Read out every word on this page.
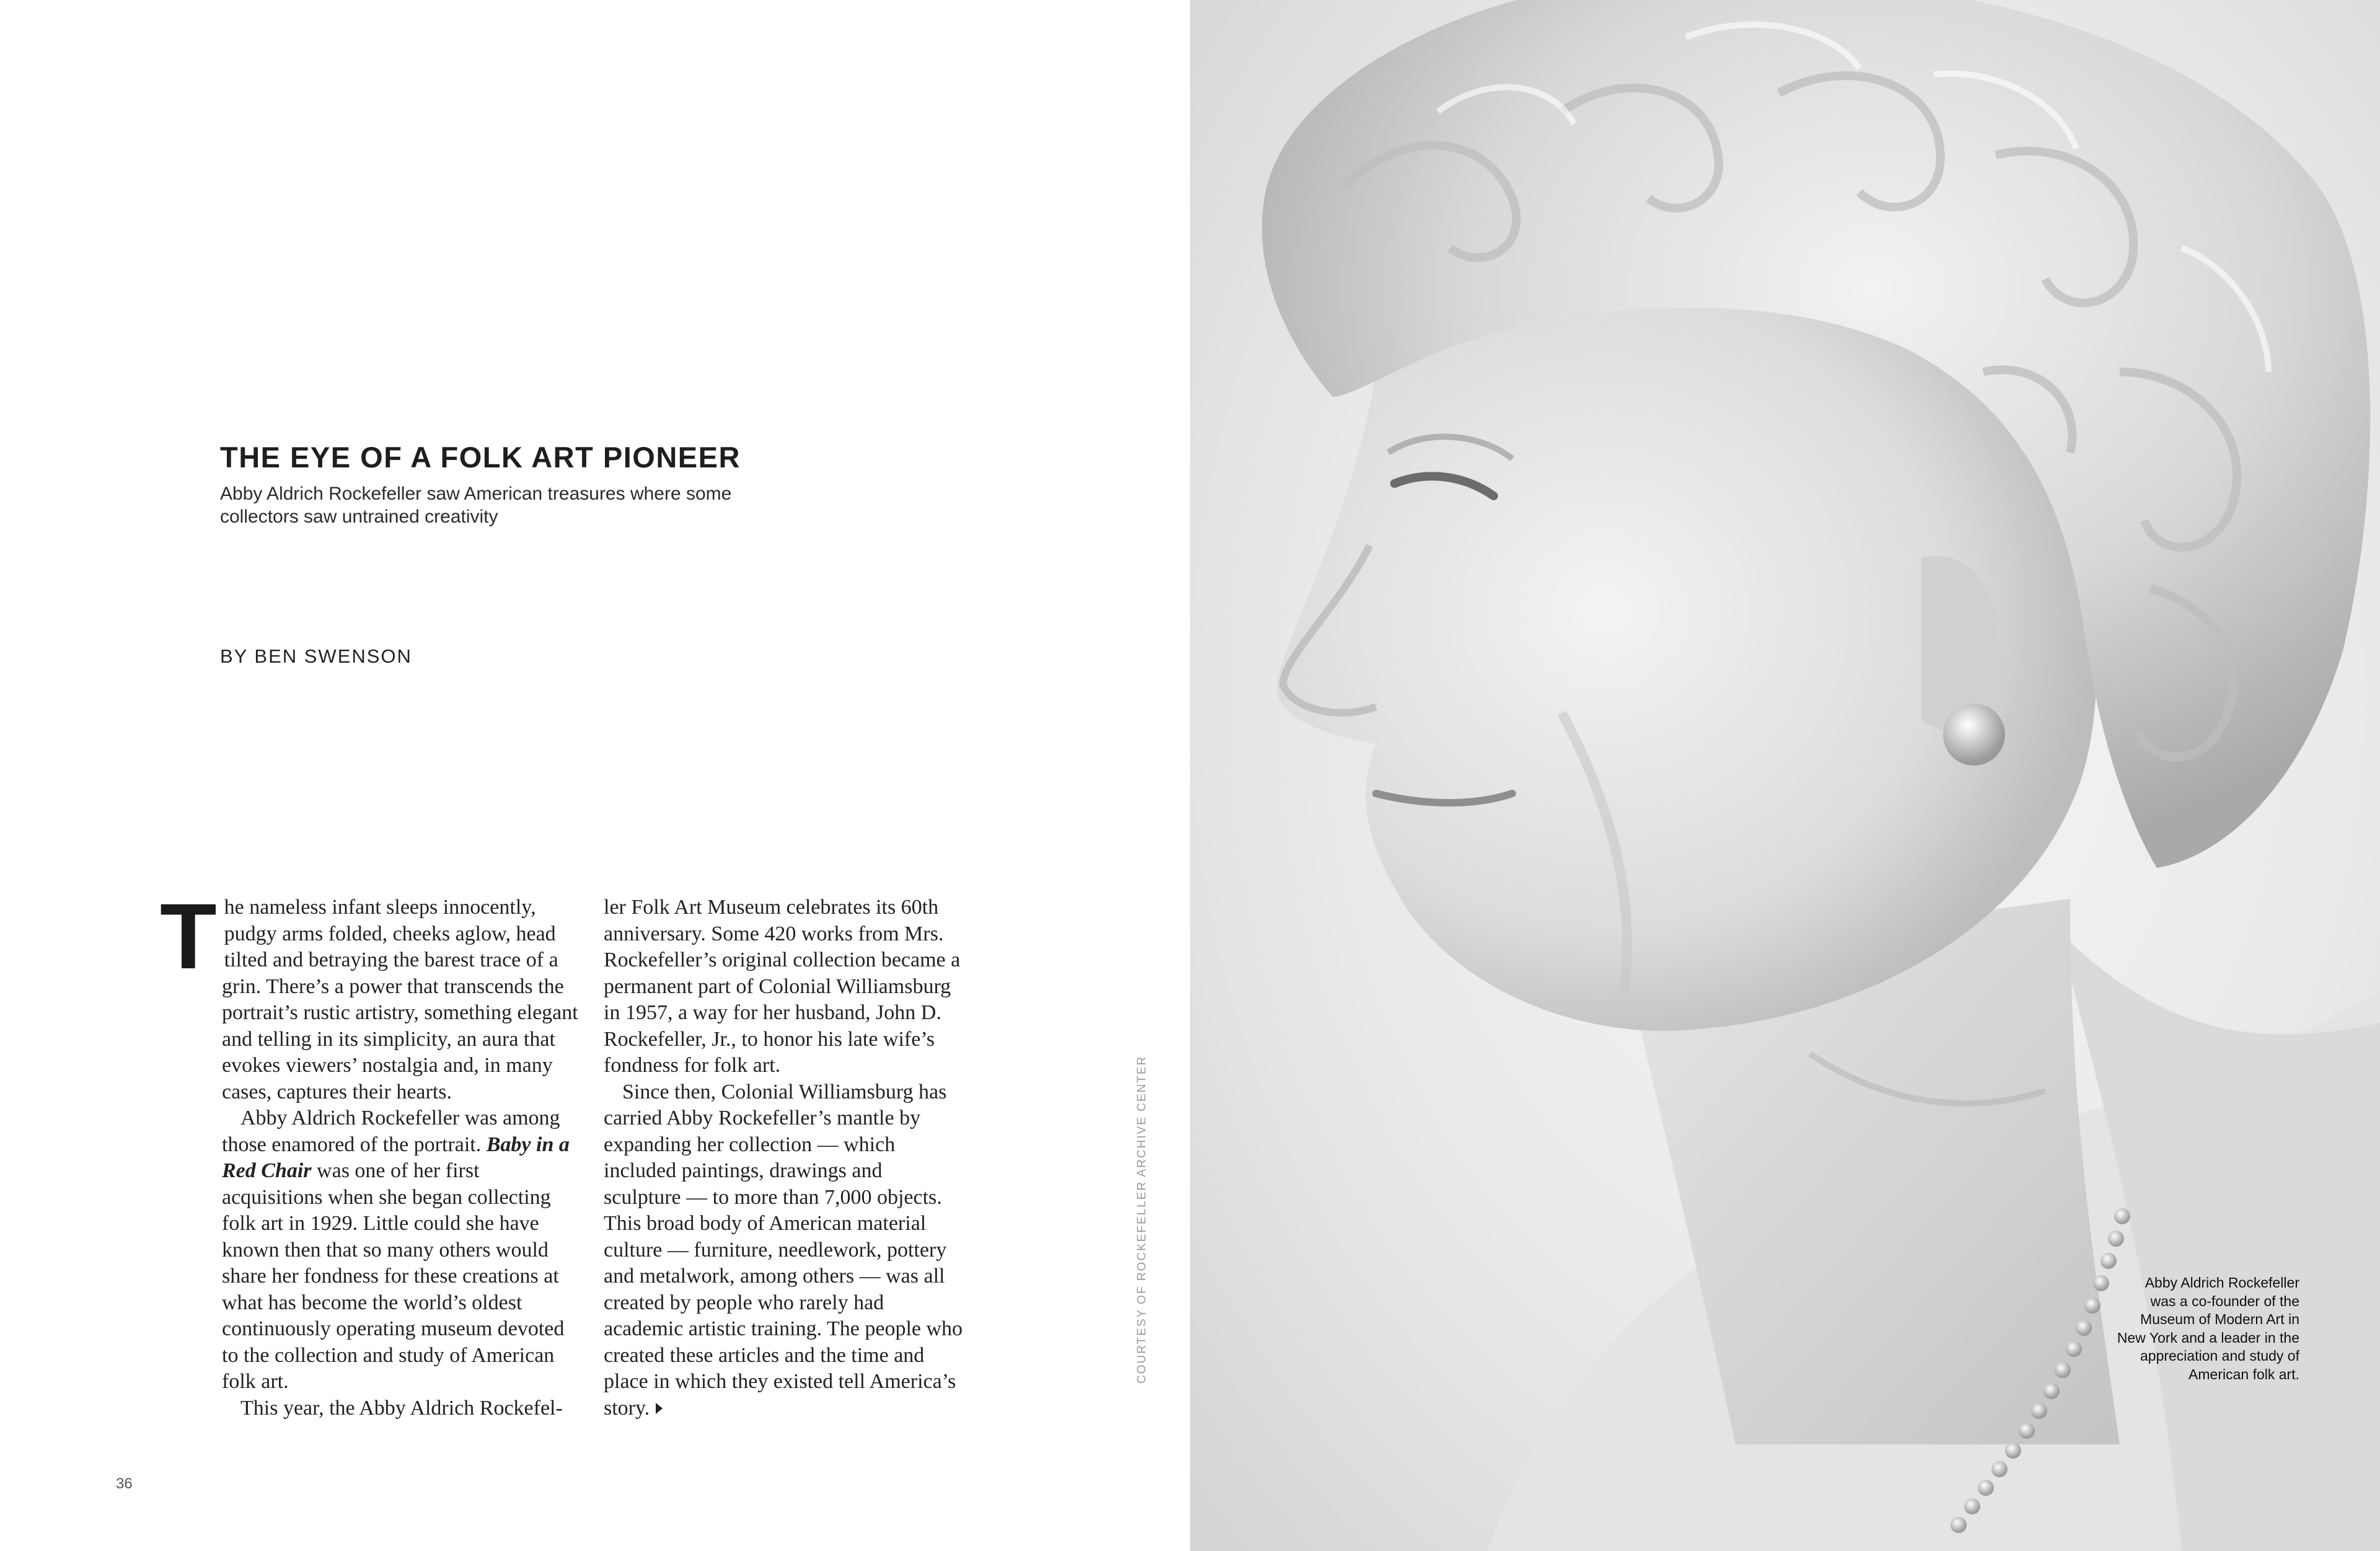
THE EYE OF A FOLK ART PIONEER

Abby Aldrich Rockefeller saw American treasures where some collectors saw untrained creativity

BY BEN SWENSON

The nameless infant sleeps innocently, pudgy arms folded, cheeks aglow, head tilted and betraying the barest trace of a grin. There’s a power that transcends the portrait’s rustic artistry, something elegant and telling in its simplicity, an aura that evokes viewers’ nostalgia and, in many cases, captures their hearts.

Abby Aldrich Rockefeller was among those enamored of the portrait. Baby in a Red Chair was one of her first acquisitions when she began collecting folk art in 1929. Little could she have known then that so many others would share her fondness for these creations at what has become the world’s oldest continuously operating museum devoted to the collection and study of American folk art.

This year, the Abby Aldrich Rockefel-

ler Folk Art Museum celebrates its 60th anniversary. Some 420 works from Mrs. Rockefeller’s original collection became a permanent part of Colonial Williamsburg in 1957, a way for her husband, John D. Rockefeller, Jr., to honor his late wife’s fondness for folk art.

Since then, Colonial Williamsburg has carried Abby Rockefeller’s mantle by expanding her collection — which included paintings, drawings and sculpture — to more than 7,000 objects. This broad body of American material culture — furniture, needlework, pottery and metalwork, among others — was all created by people who rarely had academic artistic training. The people who created these articles and the time and place in which they existed tell America’s story.

COURTESY OF ROCKEFELLER ARCHIVE CENTER
36
Abby Aldrich Rockefeller
was a co-founder of the
Museum of Modern Art in
New York and a leader in the
appreciation and study of
American folk art.
